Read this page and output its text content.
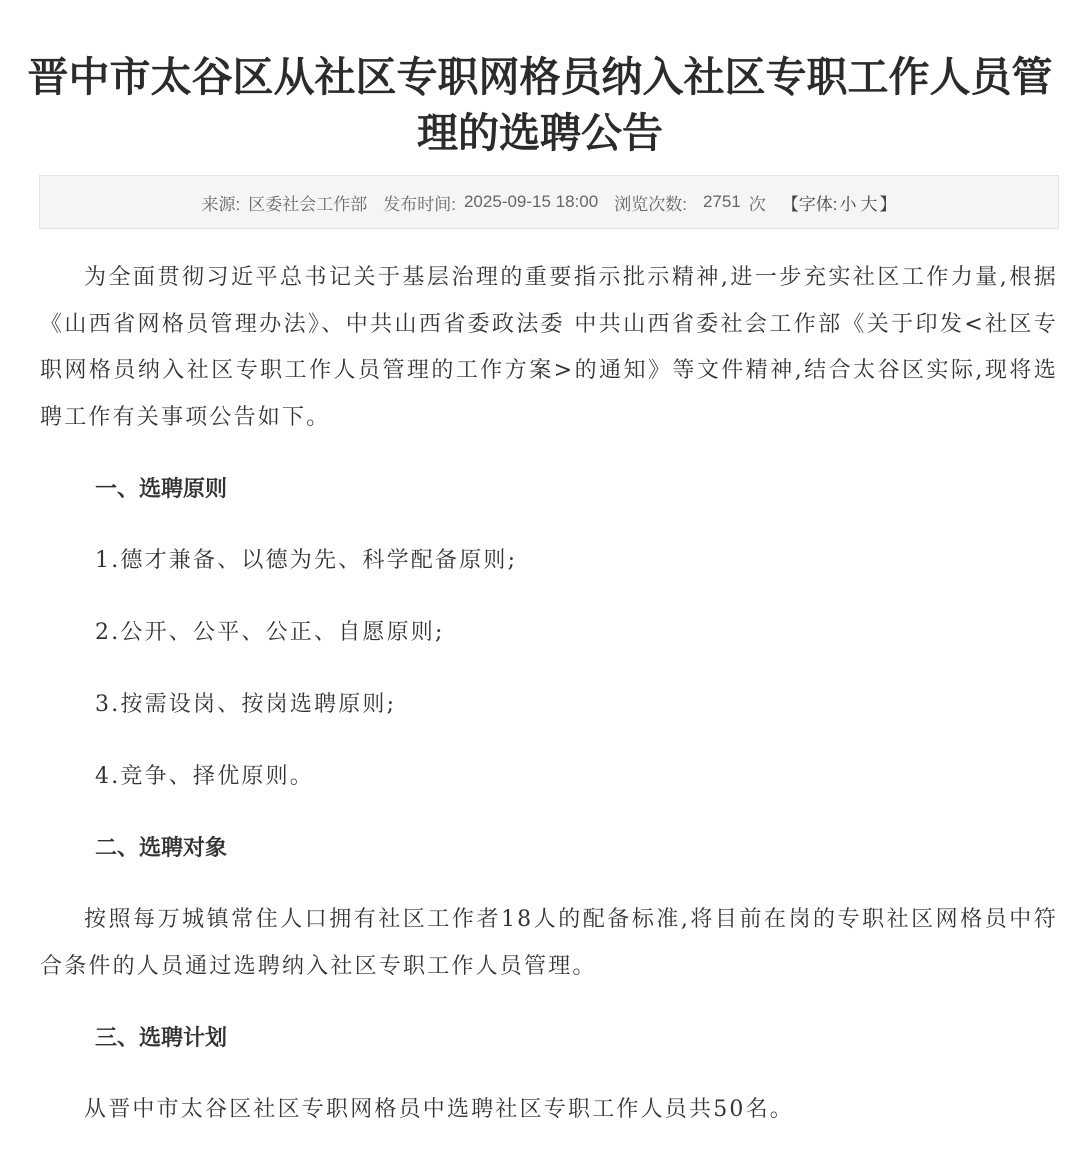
晋中市太谷区从社区专职网格员纳入社区专职工作人员管理的选聘公告
来源: 区委社会工作部 发布时间: 2025-09-15 18:00 浏览次数: 2751 次 【字体: 小 大 】

为全面贯彻习近平总书记关于基层治理的重要指示批示精神,进一步充实社区工作力量,根据《山西省网格员管理办法》、中共山西省委政法委 中共山西省委社会工作部《关于印发<社区专职网格员纳入社区专职工作人员管理的工作方案>的通知》等文件精神,结合太谷区实际,现将选聘工作有关事项公告如下。

一、选聘原则

1.德才兼备、以德为先、科学配备原则;

2.公开、公平、公正、自愿原则;

3.按需设岗、按岗选聘原则;

4.竞争、择优原则。

二、选聘对象

按照每万城镇常住人口拥有社区工作者18人的配备标准,将目前在岗的专职社区网格员中符合条件的人员通过选聘纳入社区专职工作人员管理。

三、选聘计划

从晋中市太谷区社区专职网格员中选聘社区专职工作人员共50名。
